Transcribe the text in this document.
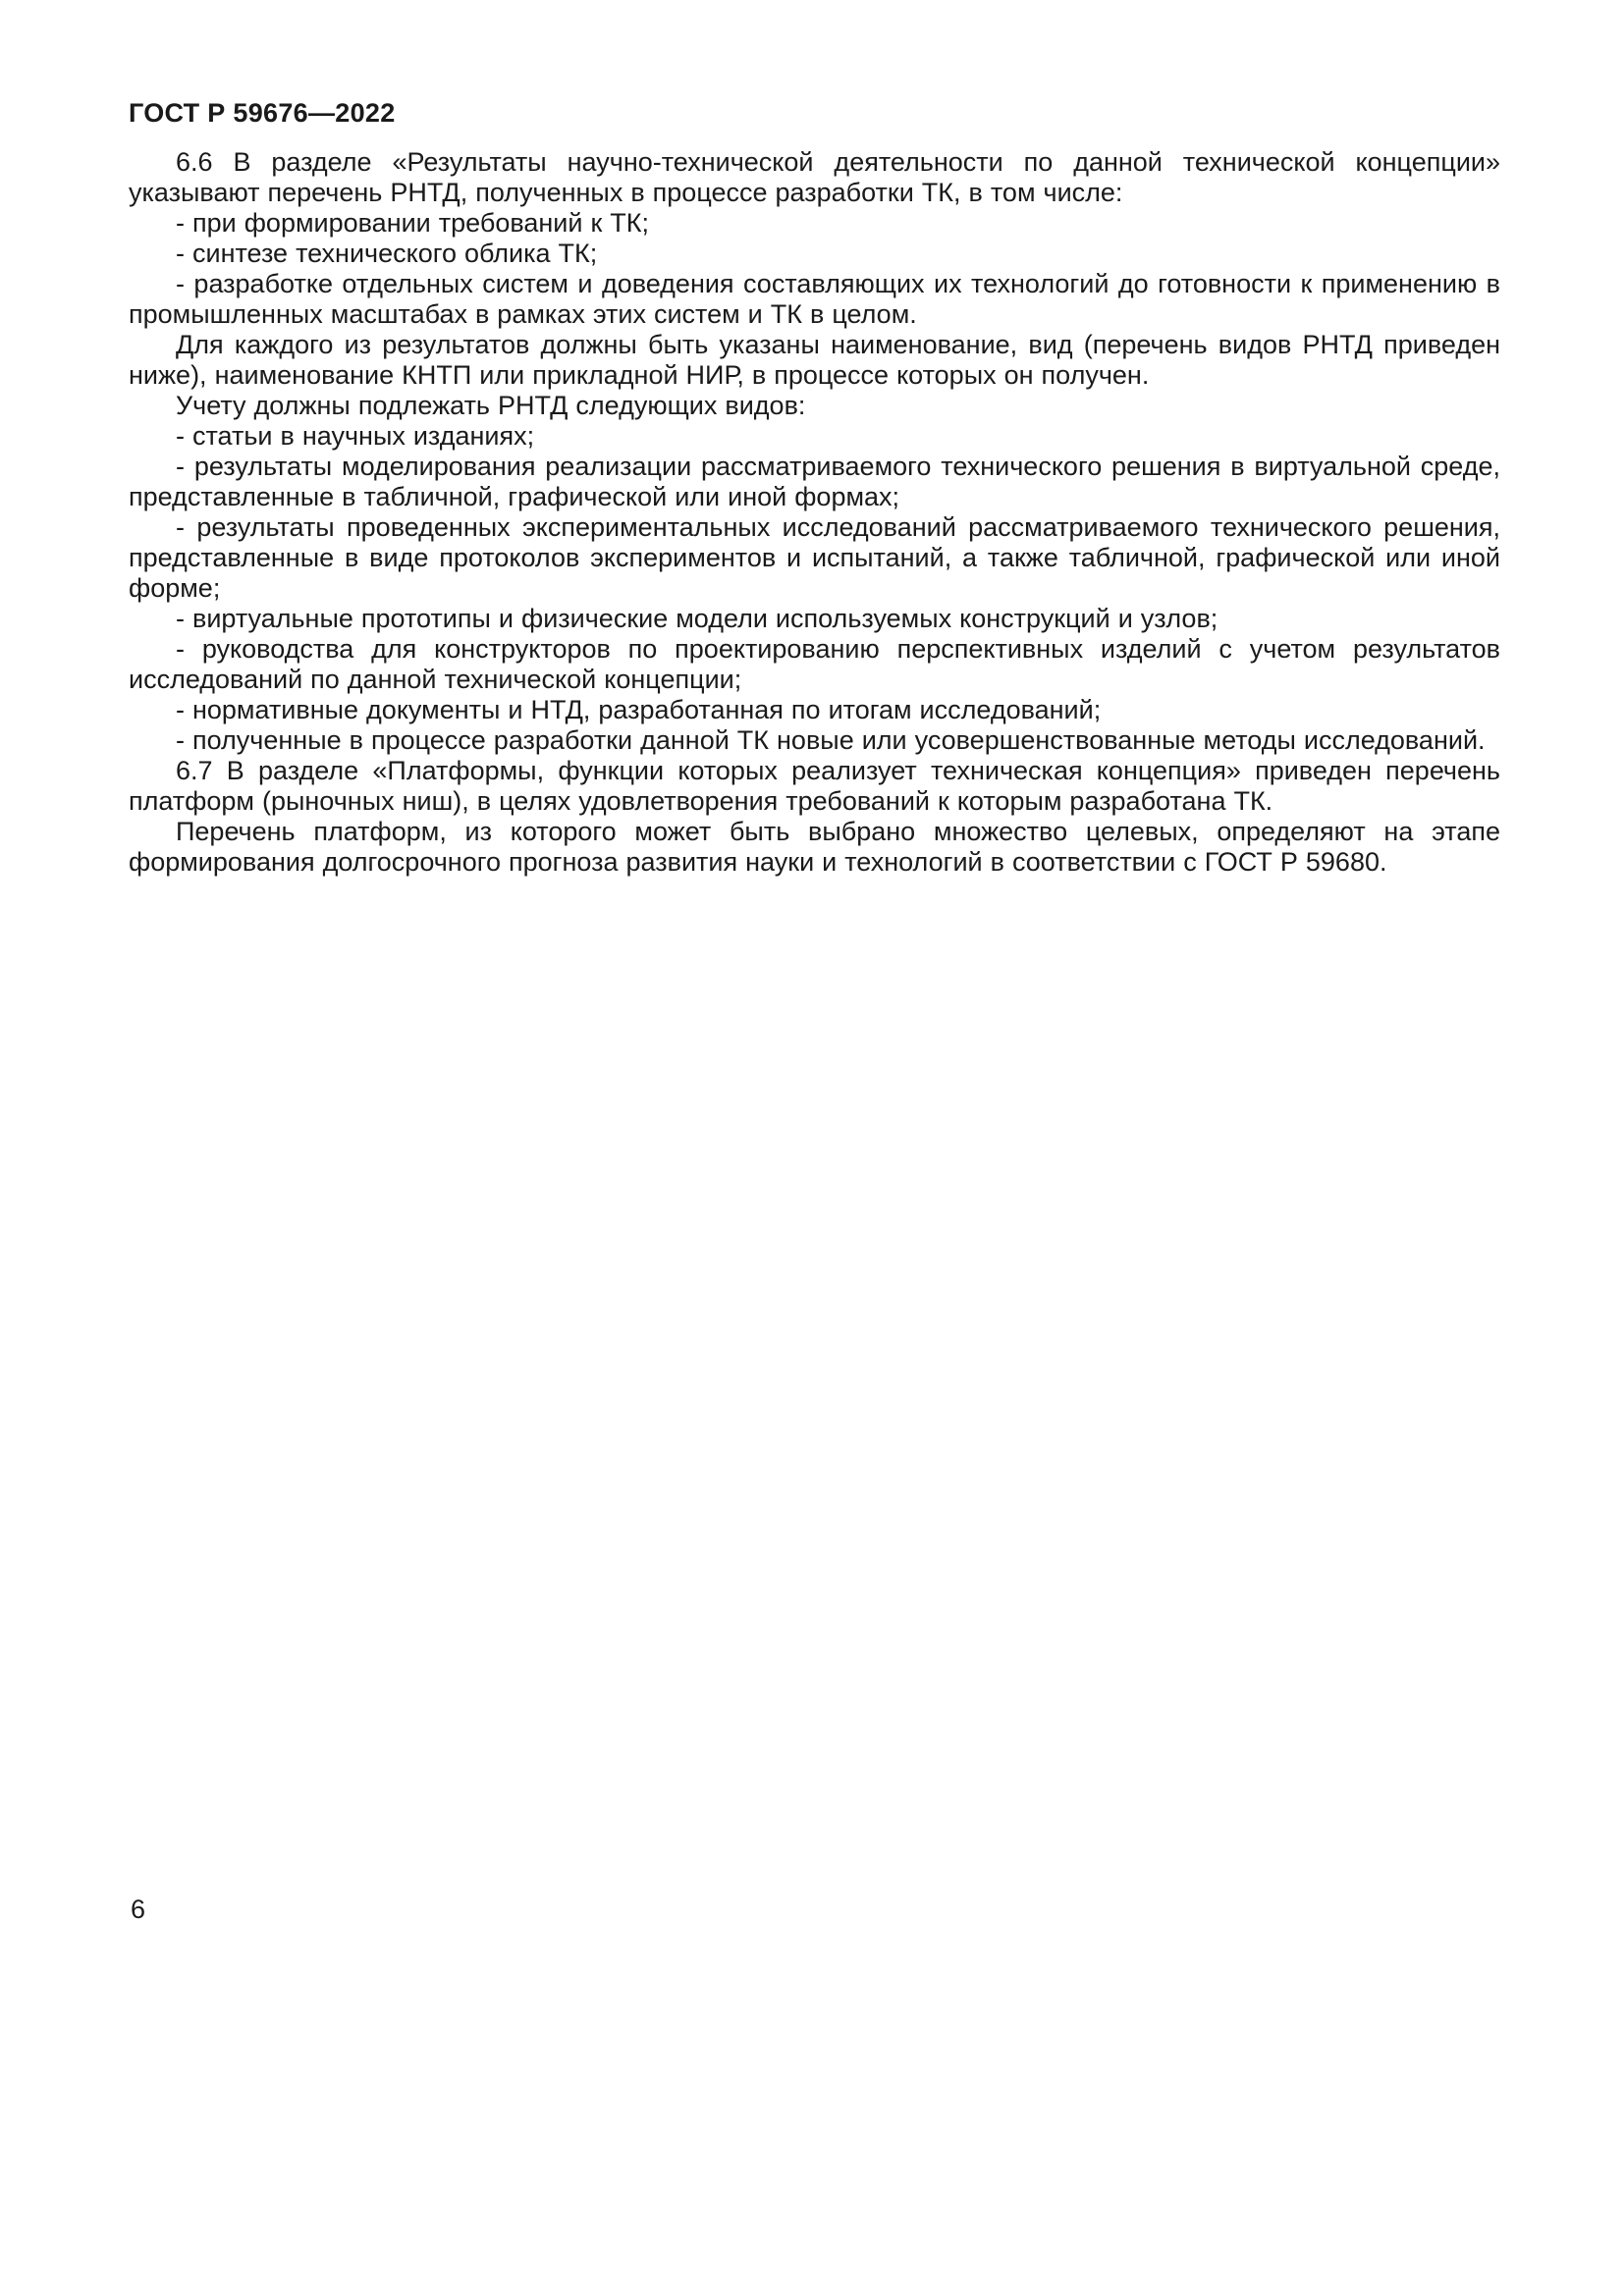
ГОСТ Р 59676—2022

6.6 В разделе «Результаты научно-технической деятельности по данной технической концепции» указывают перечень РНТД, полученных в процессе разработки ТК, в том числе:

- при формировании требований к ТК;

- синтезе технического облика ТК;

- разработке отдельных систем и доведения составляющих их технологий до готовности к применению в промышленных масштабах в рамках этих систем и ТК в целом.

Для каждого из результатов должны быть указаны наименование, вид (перечень видов РНТД приведен ниже), наименование КНТП или прикладной НИР, в процессе которых он получен.

Учету должны подлежать РНТД следующих видов:

- статьи в научных изданиях;

- результаты моделирования реализации рассматриваемого технического решения в виртуальной среде, представленные в табличной, графической или иной формах;

- результаты проведенных экспериментальных исследований рассматриваемого технического решения, представленные в виде протоколов экспериментов и испытаний, а также табличной, графической или иной форме;

- виртуальные прототипы и физические модели используемых конструкций и узлов;

- руководства для конструкторов по проектированию перспективных изделий с учетом результатов исследований по данной технической концепции;

- нормативные документы и НТД, разработанная по итогам исследований;

- полученные в процессе разработки данной ТК новые или усовершенствованные методы исследований.

6.7 В разделе «Платформы, функции которых реализует техническая концепция» приведен перечень платформ (рыночных ниш), в целях удовлетворения требований к которым разработана ТК.

Перечень платформ, из которого может быть выбрано множество целевых, определяют на этапе формирования долгосрочного прогноза развития науки и технологий в соответствии с ГОСТ Р 59680.

6
